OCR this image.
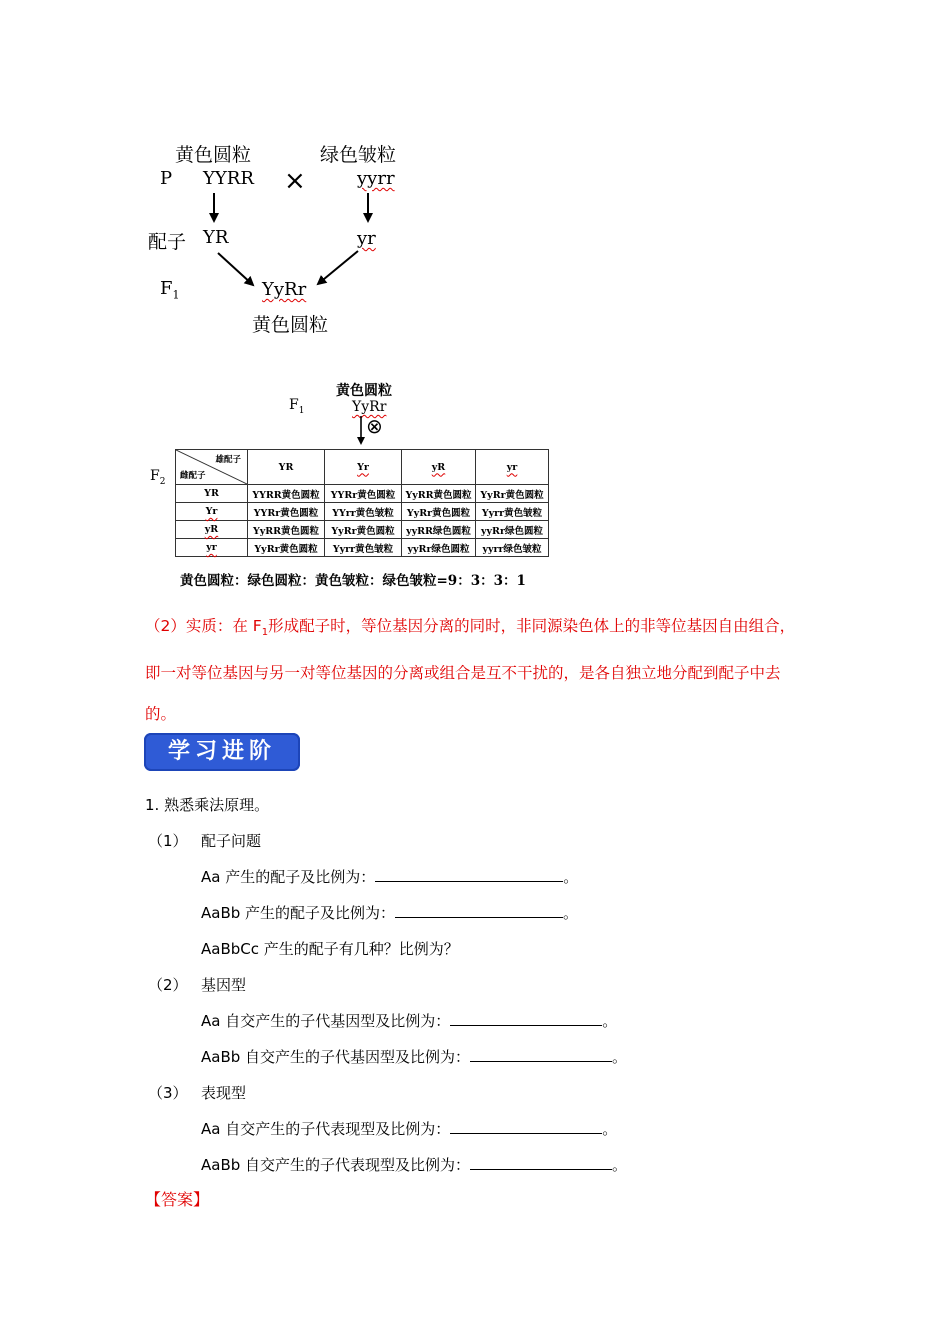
黄色圆粒	绿色皱粒
P YYRR ×	yyrr
配子 YR	yr
$F_1$	YyRr
黄色圆粒
黄色圆粒
$F_1$	YyRr
⊗
$F_2$
雄配子
雌配子	YR	Yr	yR	yr
YR	YYRR黄色圆粒	YYRr黄色圆粒	YyRR黄色圆粒	YyRr黄色圆粒
Yr	YYRr黄色圆粒	YYrr黄色皱粒	YyRr黄色圆粒	Yyrr黄色皱粒
yR	YyRR黄色圆粒	YyRr黄色圆粒	yyRR绿色圆粒	yyRr绿色圆粒
yr	YyRr黄色圆粒	Yyrr黄色皱粒	yyRr绿色圆粒	yyrr绿色皱粒
黄色圆粒：绿色圆粒：黄色皱粒：绿色皱粒=9：3：3：1
（2）实质：在 $F_1$形成配子时，等位基因分离的同时，非同源染色体上的非等位基因自由组合，即一对等位基因与另一对等位基因的分离或组合是互不干扰的，是各自独立地分配到配子中去的。
学习进阶
1. 熟悉乘法原理。
（1） 配子问题
Aa 产生的配子及比例为：	。
AaBb 产生的配子及比例为：	。
AaBbCc 产生的配子有几种？比例为？
（2） 基因型
Aa 自交产生的子代基因型及比例为：	。
AaBb 自交产生的子代基因型及比例为：	。
（3） 表现型
Aa 自交产生的子代表现型及比例为：	。
AaBb 自交产生的子代表现型及比例为：	。
【答案】
